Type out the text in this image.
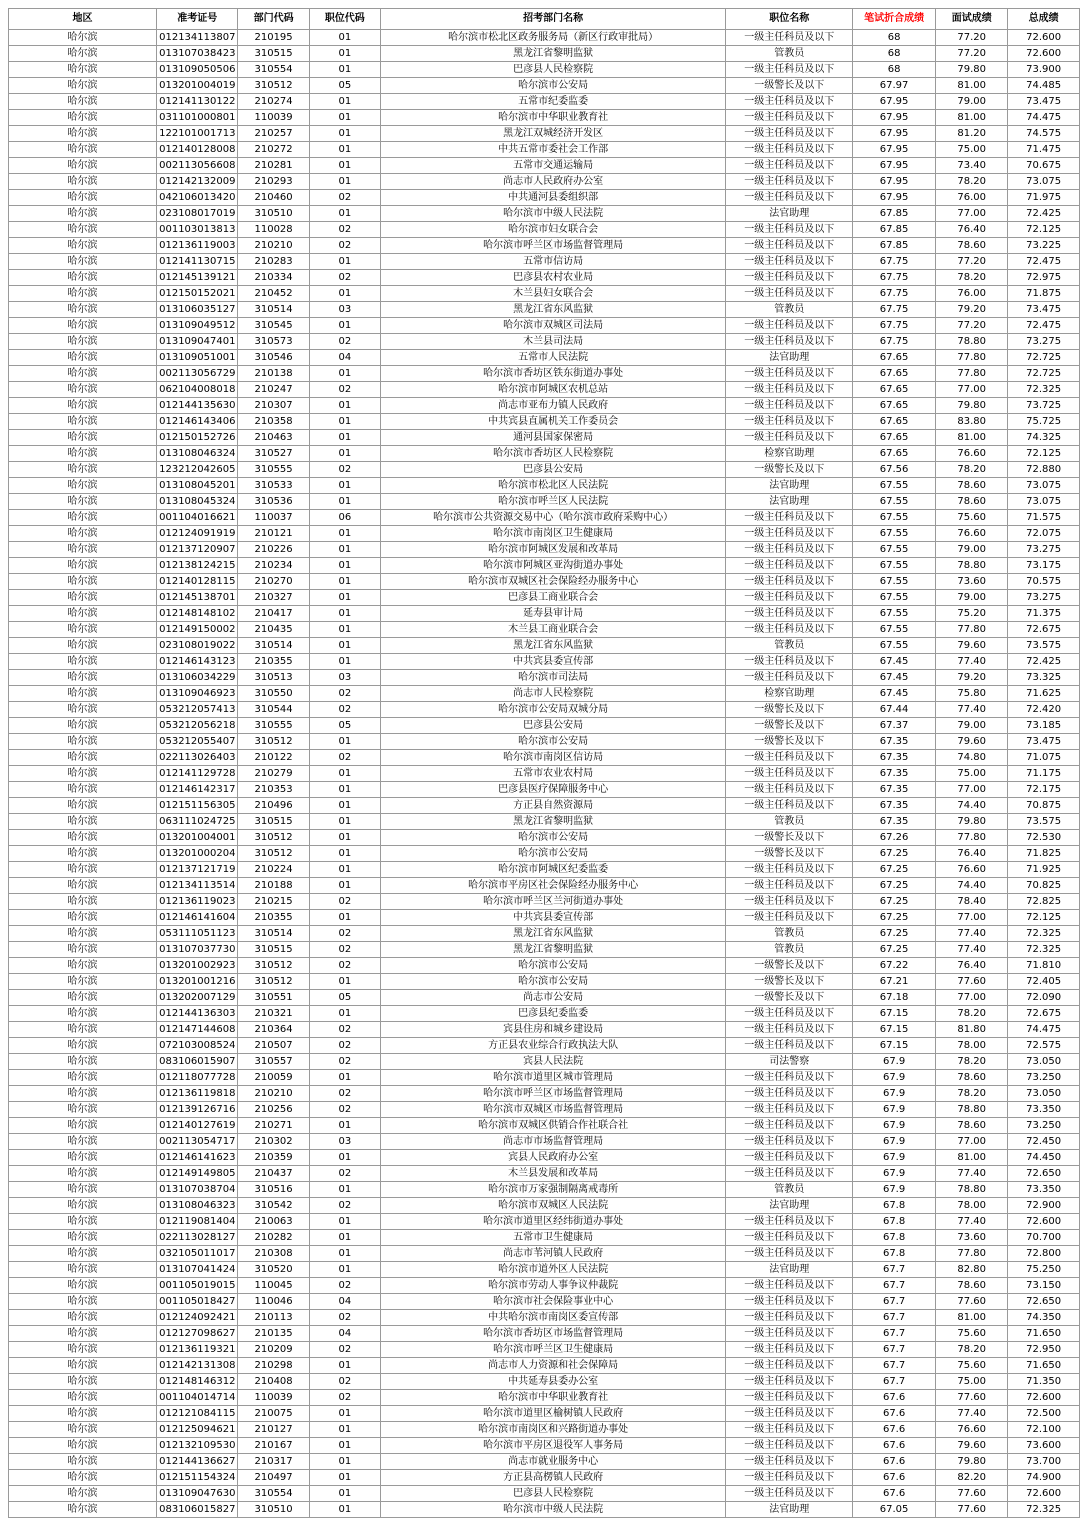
地区	准考证号	部门代码	职位代码	招考部门名称	职位名称	笔试折合成绩	面试成绩	总成绩
哈尔滨	012134113807	210195	01	哈尔滨市松北区政务服务局（新区行政审批局）	一级主任科员及以下	68	77.20	72.600
哈尔滨	013107038423	310515	01	黑龙江省黎明监狱	管教员	68	77.20	72.600
哈尔滨	013109050506	310554	01	巴彦县人民检察院	一级主任科员及以下	68	79.80	73.900
哈尔滨	013201004019	310512	05	哈尔滨市公安局	一级警长及以下	67.97	81.00	74.485
哈尔滨	012141130122	210274	01	五常市纪委监委	一级主任科员及以下	67.95	79.00	73.475
哈尔滨	031101000801	110039	01	哈尔滨市中华职业教育社	一级主任科员及以下	67.95	81.00	74.475
哈尔滨	122101001713	210257	01	黑龙江双城经济开发区	一级主任科员及以下	67.95	81.20	74.575
哈尔滨	012140128008	210272	01	中共五常市委社会工作部	一级主任科员及以下	67.95	75.00	71.475
哈尔滨	002113056608	210281	01	五常市交通运输局	一级主任科员及以下	67.95	73.40	70.675
哈尔滨	012142132009	210293	01	尚志市人民政府办公室	一级主任科员及以下	67.95	78.20	73.075
哈尔滨	042106013420	210460	02	中共通河县委组织部	一级主任科员及以下	67.95	76.00	71.975
哈尔滨	023108017019	310510	01	哈尔滨市中级人民法院	法官助理	67.85	77.00	72.425
哈尔滨	001103013813	110028	02	哈尔滨市妇女联合会	一级主任科员及以下	67.85	76.40	72.125
哈尔滨	012136119003	210210	02	哈尔滨市呼兰区市场监督管理局	一级主任科员及以下	67.85	78.60	73.225
哈尔滨	012141130715	210283	01	五常市信访局	一级主任科员及以下	67.75	77.20	72.475
哈尔滨	012145139121	210334	02	巴彦县农村农业局	一级主任科员及以下	67.75	78.20	72.975
哈尔滨	012150152021	210452	01	木兰县妇女联合会	一级主任科员及以下	67.75	76.00	71.875
哈尔滨	013106035127	310514	03	黑龙江省东风监狱	管教员	67.75	79.20	73.475
哈尔滨	013109049512	310545	01	哈尔滨市双城区司法局	一级主任科员及以下	67.75	77.20	72.475
哈尔滨	013109047401	310573	02	木兰县司法局	一级主任科员及以下	67.75	78.80	73.275
哈尔滨	013109051001	310546	04	五常市人民法院	法官助理	67.65	77.80	72.725
哈尔滨	002113056729	210138	01	哈尔滨市香坊区铁东街道办事处	一级主任科员及以下	67.65	77.80	72.725
哈尔滨	062104008018	210247	02	哈尔滨市阿城区农机总站	一级主任科员及以下	67.65	77.00	72.325
哈尔滨	012144135630	210307	01	尚志市亚布力镇人民政府	一级主任科员及以下	67.65	79.80	73.725
哈尔滨	012146143406	210358	01	中共宾县直属机关工作委员会	一级主任科员及以下	67.65	83.80	75.725
哈尔滨	012150152726	210463	01	通河县国家保密局	一级主任科员及以下	67.65	81.00	74.325
哈尔滨	013108046324	310527	01	哈尔滨市香坊区人民检察院	检察官助理	67.65	76.60	72.125
哈尔滨	123212042605	310555	02	巴彦县公安局	一级警长及以下	67.56	78.20	72.880
哈尔滨	013108045201	310533	01	哈尔滨市松北区人民法院	法官助理	67.55	78.60	73.075
哈尔滨	013108045324	310536	01	哈尔滨市呼兰区人民法院	法官助理	67.55	78.60	73.075
哈尔滨	001104016621	110037	06	哈尔滨市公共资源交易中心（哈尔滨市政府采购中心）	一级主任科员及以下	67.55	75.60	71.575
哈尔滨	012124091919	210121	01	哈尔滨市南岗区卫生健康局	一级主任科员及以下	67.55	76.60	72.075
哈尔滨	012137120907	210226	01	哈尔滨市阿城区发展和改革局	一级主任科员及以下	67.55	79.00	73.275
哈尔滨	012138124215	210234	01	哈尔滨市阿城区亚沟街道办事处	一级主任科员及以下	67.55	78.80	73.175
哈尔滨	012140128115	210270	01	哈尔滨市双城区社会保险经办服务中心	一级主任科员及以下	67.55	73.60	70.575
哈尔滨	012145138701	210327	01	巴彦县工商业联合会	一级主任科员及以下	67.55	79.00	73.275
哈尔滨	012148148102	210417	01	延寿县审计局	一级主任科员及以下	67.55	75.20	71.375
哈尔滨	012149150002	210435	01	木兰县工商业联合会	一级主任科员及以下	67.55	77.80	72.675
哈尔滨	023108019022	310514	01	黑龙江省东风监狱	管教员	67.55	79.60	73.575
哈尔滨	012146143123	210355	01	中共宾县委宣传部	一级主任科员及以下	67.45	77.40	72.425
哈尔滨	013106034229	310513	03	哈尔滨市司法局	一级主任科员及以下	67.45	79.20	73.325
哈尔滨	013109046923	310550	02	尚志市人民检察院	检察官助理	67.45	75.80	71.625
哈尔滨	053212057413	310544	02	哈尔滨市公安局双城分局	一级警长及以下	67.44	77.40	72.420
哈尔滨	053212056218	310555	05	巴彦县公安局	一级警长及以下	67.37	79.00	73.185
哈尔滨	053212055407	310512	01	哈尔滨市公安局	一级警长及以下	67.35	79.60	73.475
哈尔滨	022113026403	210122	02	哈尔滨市南岗区信访局	一级主任科员及以下	67.35	74.80	71.075
哈尔滨	012141129728	210279	01	五常市农业农村局	一级主任科员及以下	67.35	75.00	71.175
哈尔滨	012146142317	210353	01	巴彦县医疗保障服务中心	一级主任科员及以下	67.35	77.00	72.175
哈尔滨	012151156305	210496	01	方正县自然资源局	一级主任科员及以下	67.35	74.40	70.875
哈尔滨	063111024725	310515	01	黑龙江省黎明监狱	管教员	67.35	79.80	73.575
哈尔滨	013201004001	310512	01	哈尔滨市公安局	一级警长及以下	67.26	77.80	72.530
哈尔滨	013201000204	310512	01	哈尔滨市公安局	一级警长及以下	67.25	76.40	71.825
哈尔滨	012137121719	210224	01	哈尔滨市阿城区纪委监委	一级主任科员及以下	67.25	76.60	71.925
哈尔滨	012134113514	210188	01	哈尔滨市平房区社会保险经办服务中心	一级主任科员及以下	67.25	74.40	70.825
哈尔滨	012136119023	210215	02	哈尔滨市呼兰区兰河街道办事处	一级主任科员及以下	67.25	78.40	72.825
哈尔滨	012146141604	210355	01	中共宾县委宣传部	一级主任科员及以下	67.25	77.00	72.125
哈尔滨	053111051123	310514	02	黑龙江省东风监狱	管教员	67.25	77.40	72.325
哈尔滨	013107037730	310515	02	黑龙江省黎明监狱	管教员	67.25	77.40	72.325
哈尔滨	013201002923	310512	02	哈尔滨市公安局	一级警长及以下	67.22	76.40	71.810
哈尔滨	013201001216	310512	01	哈尔滨市公安局	一级警长及以下	67.21	77.60	72.405
哈尔滨	013202007129	310551	05	尚志市公安局	一级警长及以下	67.18	77.00	72.090
哈尔滨	012144136303	210321	01	巴彦县纪委监委	一级主任科员及以下	67.15	78.20	72.675
哈尔滨	012147144608	210364	02	宾县住房和城乡建设局	一级主任科员及以下	67.15	81.80	74.475
哈尔滨	072103008524	210507	02	方正县农业综合行政执法大队	一级主任科员及以下	67.15	78.00	72.575
哈尔滨	083106015907	310557	02	宾县人民法院	司法警察	67.9	78.20	73.050
哈尔滨	012118077728	210059	01	哈尔滨市道里区城市管理局	一级主任科员及以下	67.9	78.60	73.250
哈尔滨	012136119818	210210	02	哈尔滨市呼兰区市场监督管理局	一级主任科员及以下	67.9	78.20	73.050
哈尔滨	012139126716	210256	02	哈尔滨市双城区市场监督管理局	一级主任科员及以下	67.9	78.80	73.350
哈尔滨	012140127619	210271	01	哈尔滨市双城区供销合作社联合社	一级主任科员及以下	67.9	78.60	73.250
哈尔滨	002113054717	210302	03	尚志市市场监督管理局	一级主任科员及以下	67.9	77.00	72.450
哈尔滨	012146141623	210359	01	宾县人民政府办公室	一级主任科员及以下	67.9	81.00	74.450
哈尔滨	012149149805	210437	02	木兰县发展和改革局	一级主任科员及以下	67.9	77.40	72.650
哈尔滨	013107038704	310516	01	哈尔滨市万家强制隔离戒毒所	管教员	67.9	78.80	73.350
哈尔滨	013108046323	310542	02	哈尔滨市双城区人民法院	法官助理	67.8	78.00	72.900
哈尔滨	012119081404	210063	01	哈尔滨市道里区经纬街道办事处	一级主任科员及以下	67.8	77.40	72.600
哈尔滨	022113028127	210282	01	五常市卫生健康局	一级主任科员及以下	67.8	73.60	70.700
哈尔滨	032105011017	210308	01	尚志市苇河镇人民政府	一级主任科员及以下	67.8	77.80	72.800
哈尔滨	013107041424	310520	01	哈尔滨市道外区人民法院	法官助理	67.7	82.80	75.250
哈尔滨	001105019015	110045	02	哈尔滨市劳动人事争议仲裁院	一级主任科员及以下	67.7	78.60	73.150
哈尔滨	001105018427	110046	04	哈尔滨市社会保险事业中心	一级主任科员及以下	67.7	77.60	72.650
哈尔滨	012124092421	210113	02	中共哈尔滨市南岗区委宣传部	一级主任科员及以下	67.7	81.00	74.350
哈尔滨	012127098627	210135	04	哈尔滨市香坊区市场监督管理局	一级主任科员及以下	67.7	75.60	71.650
哈尔滨	012136119321	210209	02	哈尔滨市呼兰区卫生健康局	一级主任科员及以下	67.7	78.20	72.950
哈尔滨	012142131308	210298	01	尚志市人力资源和社会保障局	一级主任科员及以下	67.7	75.60	71.650
哈尔滨	012148146312	210408	02	中共延寿县委办公室	一级主任科员及以下	67.7	75.00	71.350
哈尔滨	001104014714	110039	02	哈尔滨市中华职业教育社	一级主任科员及以下	67.6	77.60	72.600
哈尔滨	012121084115	210075	01	哈尔滨市道里区榆树镇人民政府	一级主任科员及以下	67.6	77.40	72.500
哈尔滨	012125094621	210127	01	哈尔滨市南岗区和兴路街道办事处	一级主任科员及以下	67.6	76.60	72.100
哈尔滨	012132109530	210167	01	哈尔滨市平房区退役军人事务局	一级主任科员及以下	67.6	79.60	73.600
哈尔滨	012144136627	210317	01	尚志市就业服务中心	一级主任科员及以下	67.6	79.80	73.700
哈尔滨	012151154324	210497	01	方正县高楞镇人民政府	一级主任科员及以下	67.6	82.20	74.900
哈尔滨	013109047630	310554	01	巴彦县人民检察院	一级主任科员及以下	67.6	77.60	72.600
哈尔滨	083106015827	310510	01	哈尔滨市中级人民法院	法官助理	67.05	77.60	72.325
